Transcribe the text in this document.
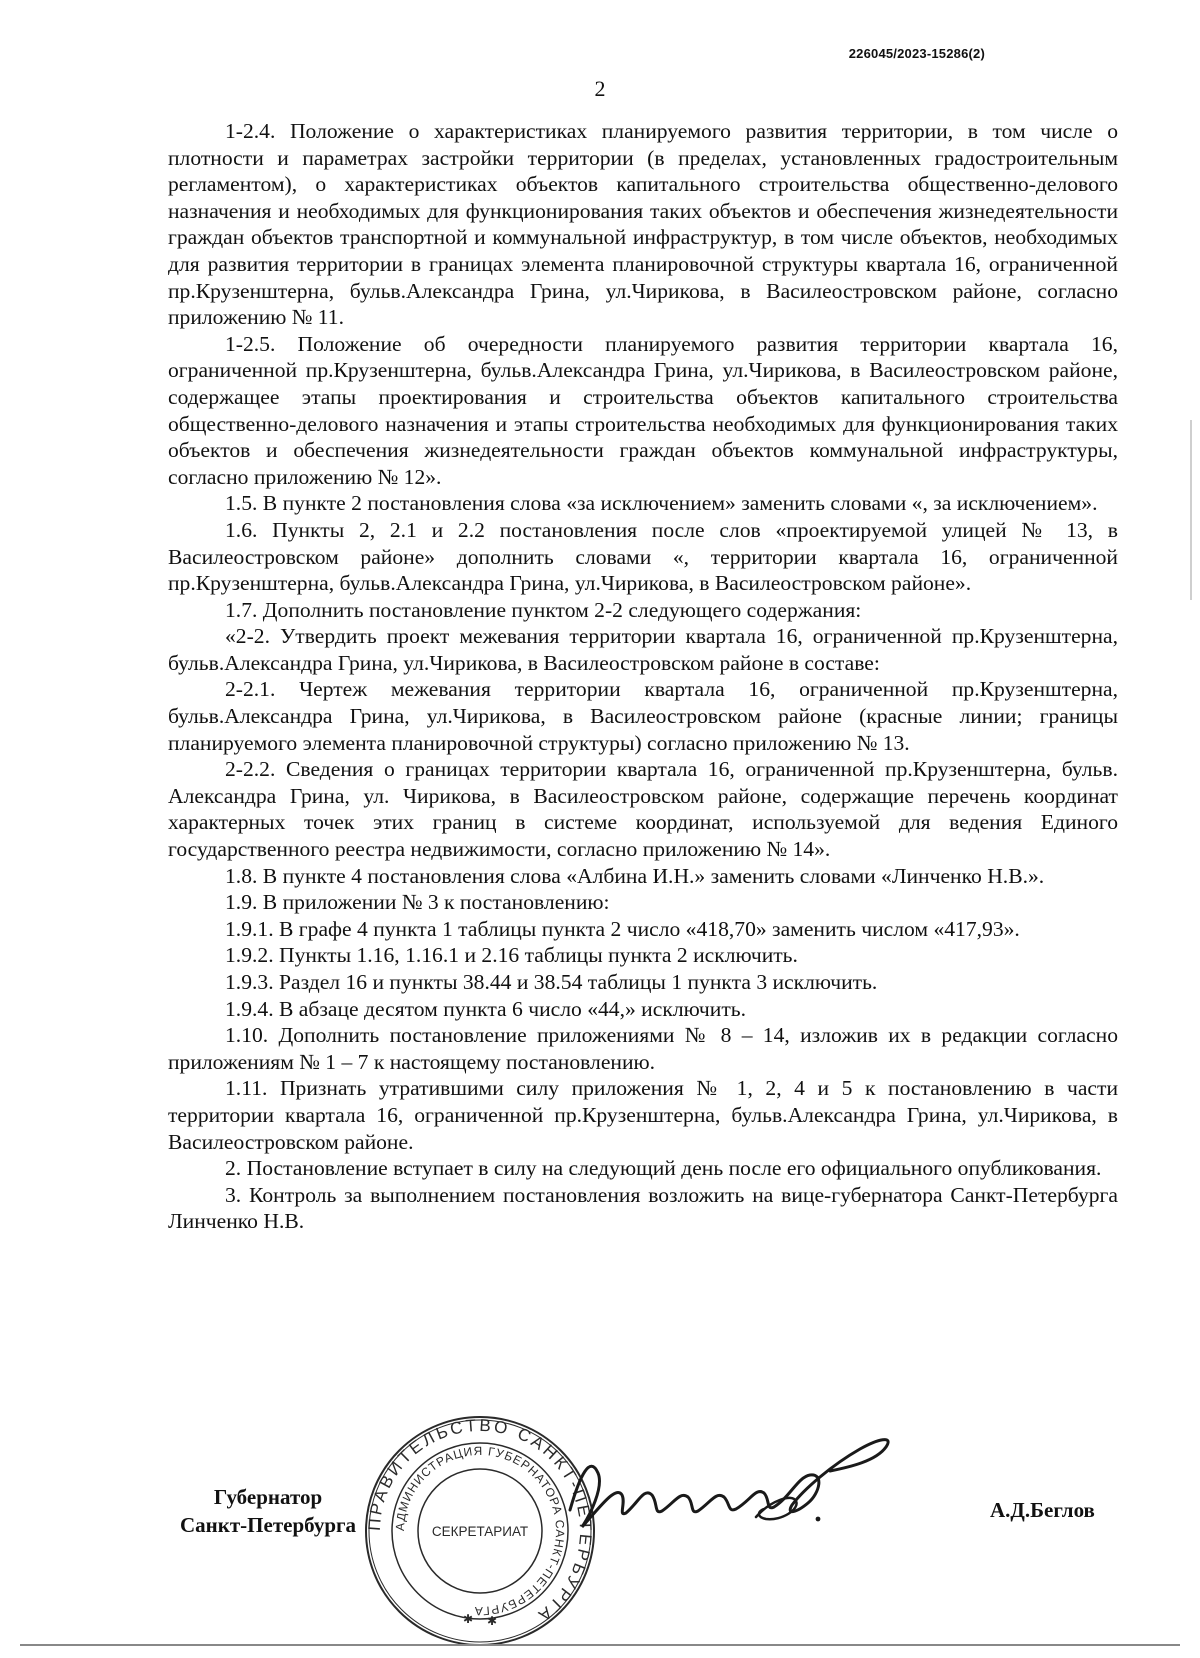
226045/2023-15286(2)
2

1-2.4. Положение о характеристиках планируемого развития территории, в том числе о плотности и параметрах застройки территории (в пределах, установленных градостроительным регламентом), о характеристиках объектов капитального строительства общественно-делового назначения и необходимых для функционирования таких объектов и обеспечения жизнедеятельности граждан объектов транспортной и коммунальной инфраструктур, в том числе объектов, необходимых для развития территории в границах элемента планировочной структуры квартала 16, ограниченной пр.Крузенштерна, бульв.Александра Грина, ул.Чирикова, в Василеостровском районе, согласно приложению № 11.

1-2.5. Положение об очередности планируемого развития территории квартала 16, ограниченной пр.Крузенштерна, бульв.Александра Грина, ул.Чирикова, в Василеостровском районе, содержащее этапы проектирования и строительства объектов капитального строительства общественно-делового назначения и этапы строительства необходимых для функционирования таких объектов и обеспечения жизнедеятельности граждан объектов коммунальной инфраструктуры, согласно приложению № 12».

1.5. В пункте 2 постановления слова «за исключением» заменить словами «, за исключением».

1.6. Пункты 2, 2.1 и 2.2 постановления после слов «проектируемой улицей № 13, в Василеостровском районе» дополнить словами «, территории квартала 16, ограниченной пр.Крузенштерна, бульв.Александра Грина, ул.Чирикова, в Василеостровском районе».

1.7. Дополнить постановление пунктом 2-2 следующего содержания:

«2-2. Утвердить проект межевания территории квартала 16, ограниченной пр.Крузенштерна, бульв.Александра Грина, ул.Чирикова, в Василеостровском районе в составе:

2-2.1. Чертеж межевания территории квартала 16, ограниченной пр.Крузенштерна, бульв.Александра Грина, ул.Чирикова, в Василеостровском районе (красные линии; границы планируемого элемента планировочной структуры) согласно приложению № 13.

2-2.2. Сведения о границах территории квартала 16, ограниченной пр.Крузенштерна, бульв. Александра Грина, ул. Чирикова, в Василеостровском районе, содержащие перечень координат характерных точек этих границ в системе координат, используемой для ведения Единого государственного реестра недвижимости, согласно приложению № 14».

1.8. В пункте 4 постановления слова «Албина И.Н.» заменить словами «Линченко Н.В.».

1.9. В приложении № 3 к постановлению:

1.9.1. В графе 4 пункта 1 таблицы пункта 2 число «418,70» заменить числом «417,93».

1.9.2. Пункты 1.16, 1.16.1 и 2.16 таблицы пункта 2 исключить.

1.9.3. Раздел 16 и пункты 38.44 и 38.54 таблицы 1 пункта 3 исключить.

1.9.4. В абзаце десятом пункта 6 число «44,» исключить.

1.10. Дополнить постановление приложениями № 8 – 14, изложив их в редакции согласно приложениям № 1 – 7 к настоящему постановлению.

1.11. Признать утратившими силу приложения № 1, 2, 4 и 5 к постановлению в части территории квартала 16, ограниченной пр.Крузенштерна, бульв.Александра Грина, ул.Чирикова, в Василеостровском районе.

2. Постановление вступает в силу на следующий день после его официального опубликования.

3. Контроль за выполнением постановления возложить на вице-губернатора Санкт-Петербурга Линченко Н.В.

Губернатор
Санкт-Петербурга ПРАВИТЕЛЬСТВО САНКТ-ПЕТЕРБУРГА
АДМИНИСТРАЦИЯ ГУБЕРНАТОРА САНКТ-ПЕТЕРБУРГА
СЕКРЕТАРИАТ
✱ ✱
А.Д.Беглов
